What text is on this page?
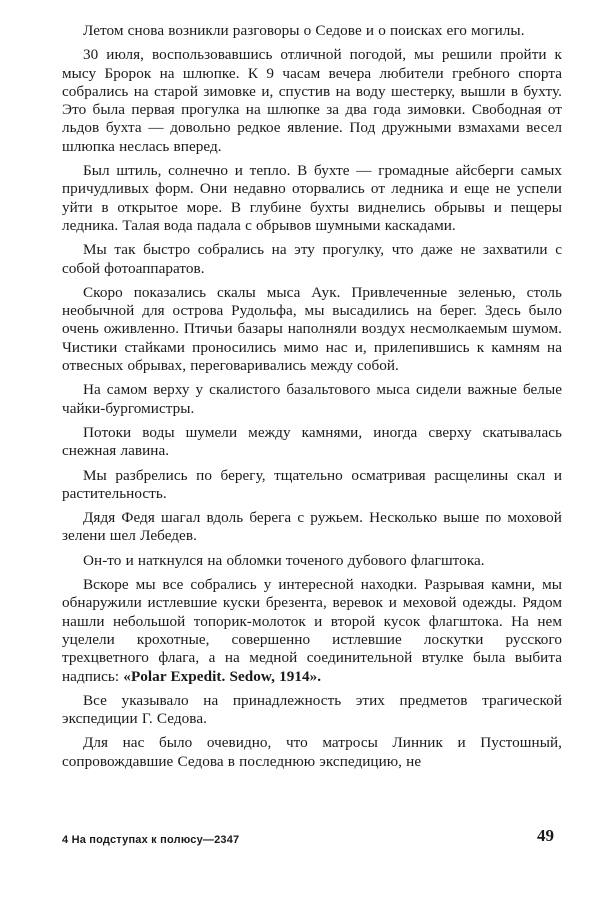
Летом снова возникли разговоры о Седове и о поисках его могилы.

30 июля, воспользовавшись отличной погодой, мы решили пройти к мысу Бророк на шлюпке. К 9 часам вечера любители гребного спорта собрались на старой зимовке и, спустив на воду шестерку, вышли в бухту. Это была первая прогулка на шлюпке за два года зимовки. Свободная от льдов бухта — довольно редкое явление. Под дружными взмахами весел шлюпка неслась вперед.

Был штиль, солнечно и тепло. В бухте — громадные айсберги самых причудливых форм. Они недавно оторвались от ледника и еще не успели уйти в открытое море. В глубине бухты виднелись обрывы и пещеры ледника. Талая вода падала с обрывов шумными каскадами.

Мы так быстро собрались на эту прогулку, что даже не захватили с собой фотоаппаратов.

Скоро показались скалы мыса Аук. Привлеченные зеленью, столь необычной для острова Рудольфа, мы высадились на берег. Здесь было очень оживленно. Птичьи базары наполняли воздух несмолкаемым шумом. Чистики стайками проносились мимо нас и, прилепившись к камням на отвесных обрывах, переговаривались между собой.

На самом верху у скалистого базальтового мыса сидели важные белые чайки-бургомистры.

Потоки воды шумели между камнями, иногда сверху скатывалась снежная лавина.

Мы разбрелись по берегу, тщательно осматривая расщелины скал и растительность.

Дядя Федя шагал вдоль берега с ружьем. Несколько выше по моховой зелени шел Лебедев.

Он-то и наткнулся на обломки точеного дубового флагштока.

Вскоре мы все собрались у интересной находки. Разрывая камни, мы обнаружили истлевшие куски брезента, веревок и меховой одежды. Рядом нашли небольшой топорик-молоток и второй кусок флагштока. На нем уцелели крохотные, совершенно истлевшие лоскутки русского трехцветного флага, а на медной соединительной втулке была выбита надпись: «Polar Expedit. Sedow, 1914».

Все указывало на принадлежность этих предметов трагической экспедиции Г. Седова.

Для нас было очевидно, что матросы Линник и Пустошный, сопровождавшие Седова в последнюю экспедицию, не

4 На подступах к полюсу—2347	49
